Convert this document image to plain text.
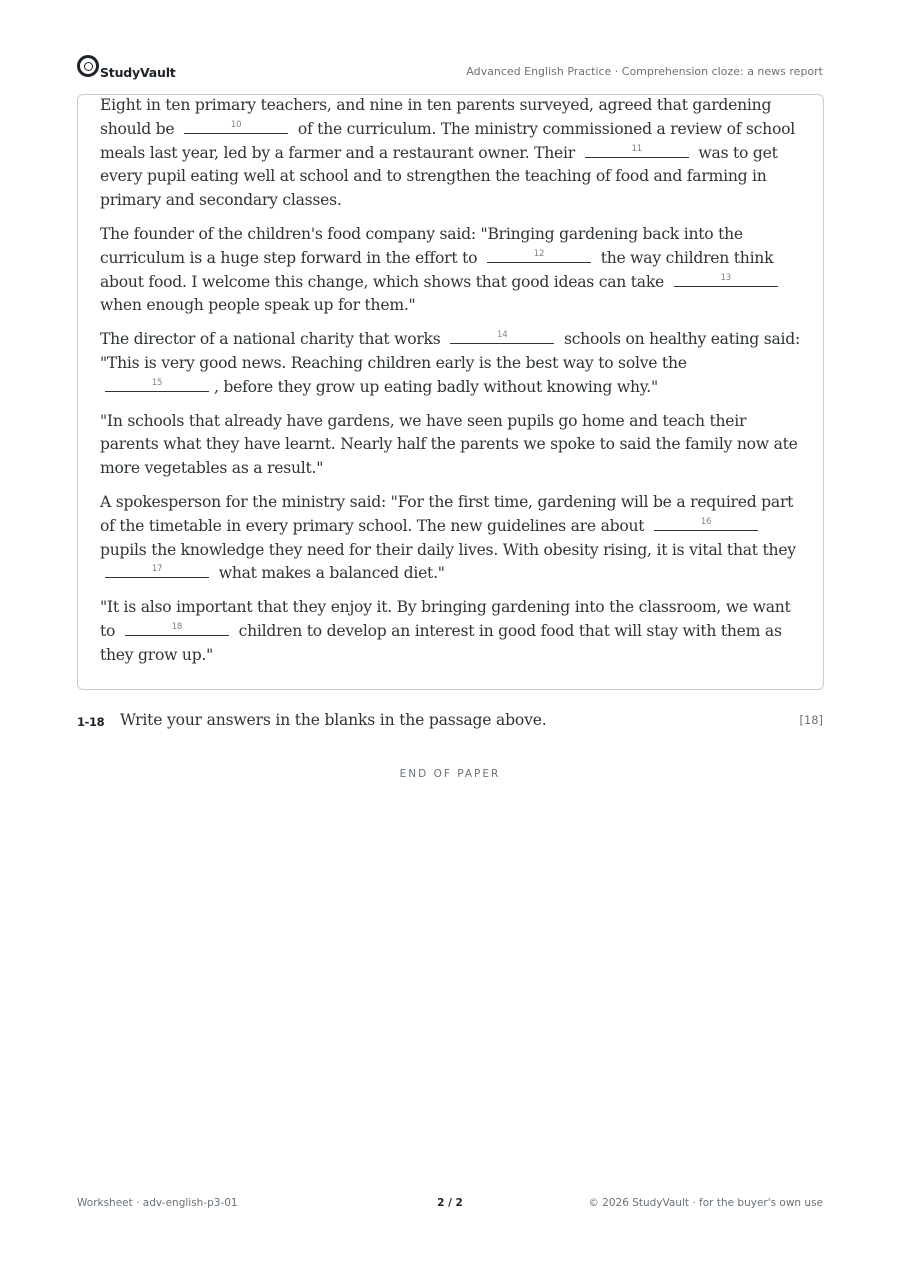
StudyVault	Advanced English Practice · Comprehension cloze: a news report

Eight in ten primary teachers, and nine in ten parents surveyed, agreed that gardening should be	10	of the curriculum. The ministry commissioned a review of school meals last year, led by a farmer and a restaurant owner. Their	11	was to get every pupil eating well at school and to strengthen the teaching of food and farming in primary and secondary classes.

The founder of the children's food company said: "Bringing gardening back into the curriculum is a huge step forward in the effort to	12	the way children think about food. I welcome this change, which shows that good ideas can take	13
when enough people speak up for them."

The director of a national charity that works	14	schools on healthy eating said: "This is very good news. Reaching children early is the best way to solve the
15	, before they grow up eating badly without knowing why."

"In schools that already have gardens, we have seen pupils go home and teach their parents what they have learnt. Nearly half the parents we spoke to said the family now ate more vegetables as a result."

A spokesperson for the ministry said: "For the first time, gardening will be a required part of the timetable in every primary school. The new guidelines are about	16
pupils the knowledge they need for their daily lives. With obesity rising, it is vital that they
17	what makes a balanced diet."

"It is also important that they enjoy it. By bringing gardening into the classroom, we want to	18	children to develop an interest in good food that will stay with them as they grow up."

1-18 Write your answers in the blanks in the passage above.	[18]
END OF PAPER
Worksheet · adv-english-p3-01	2 / 2	© 2026 StudyVault · for the buyer's own use
